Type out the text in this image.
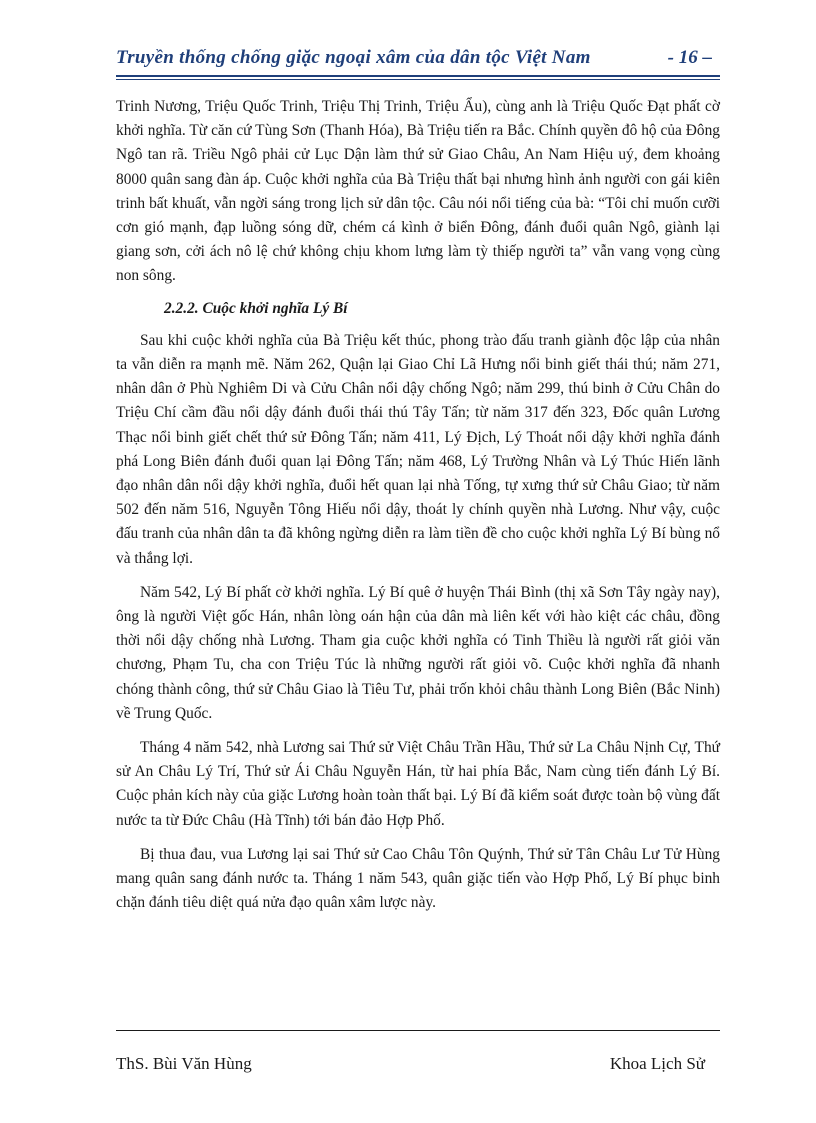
Truyền thống chống giặc ngoại xâm của dân tộc Việt Nam	- 16 –

Trinh Nương, Triệu Quốc Trinh, Triệu Thị Trinh, Triệu Ẩu), cùng anh là Triệu Quốc Đạt phất cờ khởi nghĩa. Từ căn cứ Tùng Sơn (Thanh Hóa), Bà Triệu tiến ra Bắc. Chính quyền đô hộ của Đông Ngô tan rã. Triều Ngô phải cử Lục Dận làm thứ sử Giao Châu, An Nam Hiệu uý, đem khoảng 8000 quân sang đàn áp. Cuộc khởi nghĩa của Bà Triệu thất bại nhưng hình ảnh người con gái kiên trinh bất khuất, vẫn ngời sáng trong lịch sử dân tộc. Câu nói nổi tiếng của bà: “Tôi chỉ muốn cưỡi cơn gió mạnh, đạp luồng sóng dữ, chém cá kình ở biển Đông, đánh đuổi quân Ngô, giành lại giang sơn, cởi ách nô lệ chứ không chịu khom lưng làm tỳ thiếp người ta” vẫn vang vọng cùng non sông.

2.2.2. Cuộc khởi nghĩa Lý Bí

Sau khi cuộc khởi nghĩa của Bà Triệu kết thúc, phong trào đấu tranh giành độc lập của nhân ta vẫn diễn ra mạnh mẽ. Năm 262, Quận lại Giao Chỉ Lã Hưng nổi binh giết thái thú; năm 271, nhân dân ở Phù Nghiêm Di và Cửu Chân nổi dậy chống Ngô; năm 299, thú binh ở Cửu Chân do Triệu Chí cầm đầu nổi dậy đánh đuổi thái thú Tây Tấn; từ năm 317 đến 323, Đốc quân Lương Thạc nổi binh giết chết thứ sử Đông Tấn; năm 411, Lý Địch, Lý Thoát nổi dậy khởi nghĩa đánh phá Long Biên đánh đuổi quan lại Đông Tấn; năm 468, Lý Trường Nhân và Lý Thúc Hiến lãnh đạo nhân dân nổi dậy khởi nghĩa, đuổi hết quan lại nhà Tống, tự xưng thứ sử Châu Giao; từ năm 502 đến năm 516, Nguyễn Tông Hiếu nổi dậy, thoát ly chính quyền nhà Lương. Như vậy, cuộc đấu tranh của nhân dân ta đã không ngừng diễn ra làm tiền đề cho cuộc khởi nghĩa Lý Bí bùng nổ và thắng lợi.

Năm 542, Lý Bí phất cờ khởi nghĩa. Lý Bí quê ở huyện Thái Bình (thị xã Sơn Tây ngày nay), ông là người Việt gốc Hán, nhân lòng oán hận của dân mà liên kết với hào kiệt các châu, đồng thời nổi dậy chống nhà Lương. Tham gia cuộc khởi nghĩa có Tinh Thiều là người rất giỏi văn chương, Phạm Tu, cha con Triệu Túc là những người rất giỏi võ. Cuộc khởi nghĩa đã nhanh chóng thành công, thứ sử Châu Giao là Tiêu Tư, phải trốn khỏi châu thành Long Biên (Bắc Ninh) về Trung Quốc.

Tháng 4 năm 542, nhà Lương sai Thứ sử Việt Châu Trần Hầu, Thứ sử La Châu Nịnh Cự, Thứ sử An Châu Lý Trí, Thứ sử Ái Châu Nguyễn Hán, từ hai phía Bắc, Nam cùng tiến đánh Lý Bí. Cuộc phản kích này của giặc Lương hoàn toàn thất bại. Lý Bí đã kiểm soát được toàn bộ vùng đất nước ta từ Đức Châu (Hà Tĩnh) tới bán đảo Hợp Phố.

Bị thua đau, vua Lương lại sai Thứ sử Cao Châu Tôn Quýnh, Thứ sử Tân Châu Lư Tử Hùng mang quân sang đánh nước ta. Tháng 1 năm 543, quân giặc tiến vào Hợp Phố, Lý Bí phục binh chặn đánh tiêu diệt quá nửa đạo quân xâm lược này.

ThS. Bùi Văn Hùng	Khoa Lịch Sử
